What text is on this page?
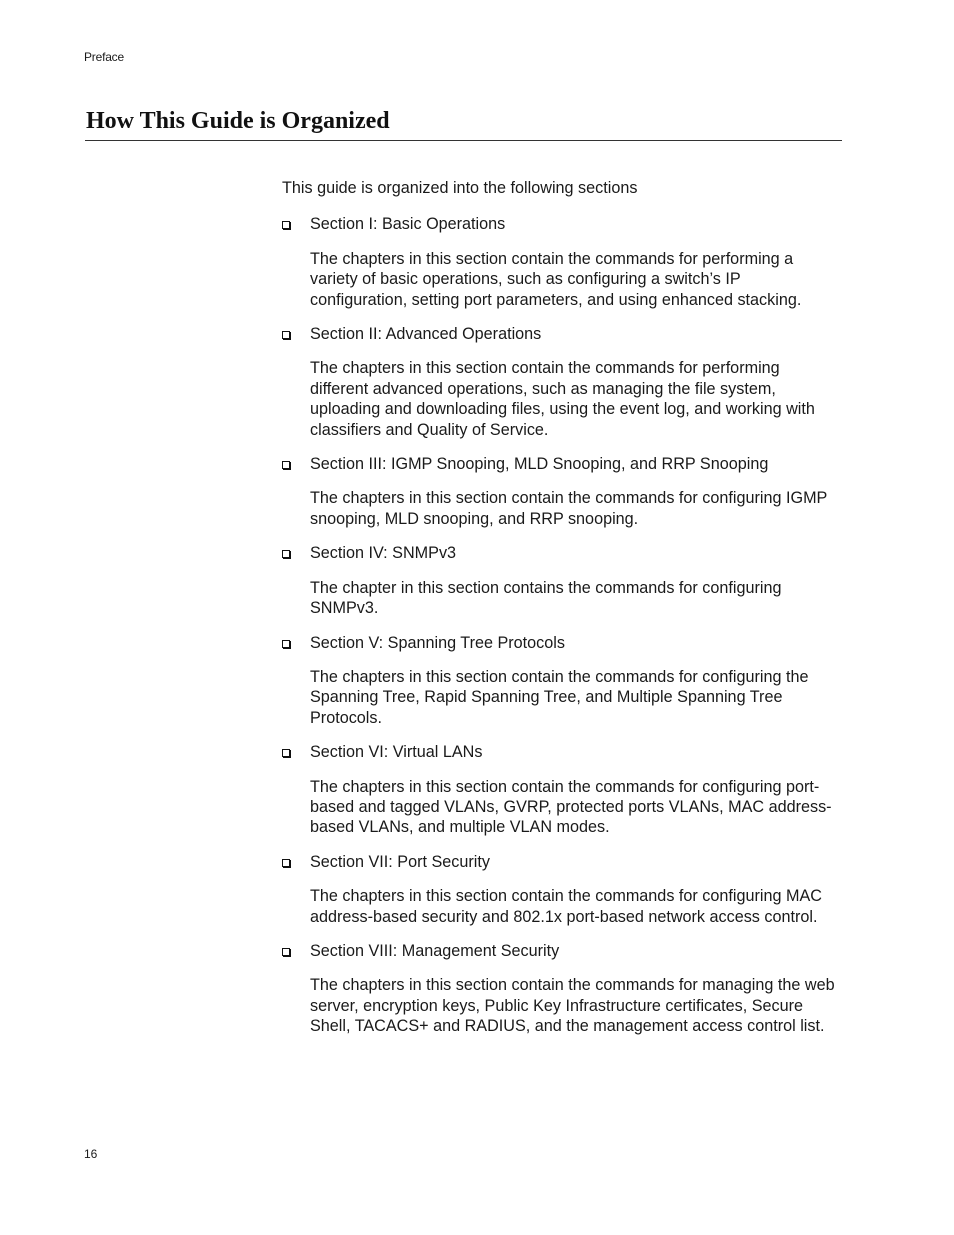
Preface
How This Guide is Organized

This guide is organized into the following sections

Section I: Basic Operations

The chapters in this section contain the commands for performing a variety of basic operations, such as configuring a switch’s IP configuration, setting port parameters, and using enhanced stacking.

Section II: Advanced Operations

The chapters in this section contain the commands for performing different advanced operations, such as managing the file system, uploading and downloading files, using the event log, and working with classifiers and Quality of Service.

Section III: IGMP Snooping, MLD Snooping, and RRP Snooping

The chapters in this section contain the commands for configuring IGMP snooping, MLD snooping, and RRP snooping.

Section IV: SNMPv3

The chapter in this section contains the commands for configuring SNMPv3.

Section V: Spanning Tree Protocols

The chapters in this section contain the commands for configuring the Spanning Tree, Rapid Spanning Tree, and Multiple Spanning Tree Protocols.

Section VI: Virtual LANs

The chapters in this section contain the commands for configuring port-based and tagged VLANs, GVRP, protected ports VLANs, MAC address-based VLANs, and multiple VLAN modes.

Section VII: Port Security

The chapters in this section contain the commands for configuring MAC address-based security and 802.1x port-based network access control.

Section VIII: Management Security

The chapters in this section contain the commands for managing the web server, encryption keys, Public Key Infrastructure certificates, Secure Shell, TACACS+ and RADIUS, and the management access control list.

16
